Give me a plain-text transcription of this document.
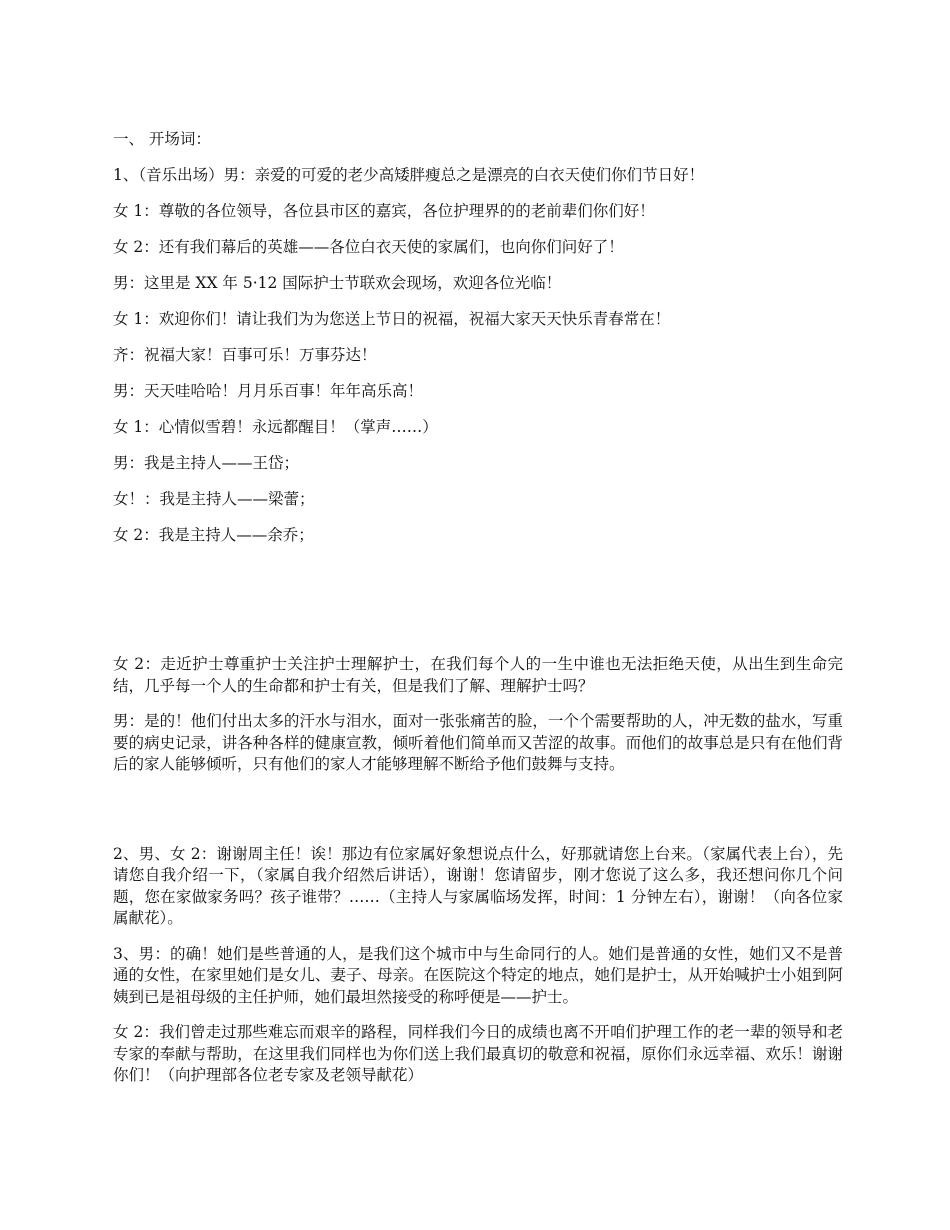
一、 开场词：

1、（音乐出场）男：亲爱的可爱的老少高矮胖瘦总之是漂亮的白衣天使们你们节日好！

女 1：尊敬的各位领导，各位县市区的嘉宾，各位护理界的的老前辈们你们好！

女 2：还有我们幕后的英雄——各位白衣天使的家属们，也向你们问好了！

男：这里是 XX 年 5·12 国际护士节联欢会现场，欢迎各位光临！

女 1：欢迎你们！请让我们为为您送上节日的祝福，祝福大家天天快乐青春常在！

齐：祝福大家！百事可乐！万事芬达！

男：天天哇哈哈！月月乐百事！年年高乐高！

女 1：心情似雪碧！永远都醒目！（掌声……）

男：我是主持人——王岱；

女！：我是主持人——梁蕾；

女 2：我是主持人——余乔；

女 2：走近护士尊重护士关注护士理解护士，在我们每个人的一生中谁也无法拒绝天使，从出生到生命完结，几乎每一个人的生命都和护士有关，但是我们了解、理解护士吗？

男：是的！他们付出太多的汗水与泪水，面对一张张痛苦的脸，一个个需要帮助的人，冲无数的盐水，写重要的病史记录，讲各种各样的健康宣教，倾听着他们简单而又苦涩的故事。而他们的故事总是只有在他们背后的家人能够倾听，只有他们的家人才能够理解不断给予他们鼓舞与支持。

2、男、女 2：谢谢周主任！诶！那边有位家属好象想说点什么，好那就请您上台来。（家属代表上台），先请您自我介绍一下，（家属自我介绍然后讲话），谢谢！您请留步，刚才您说了这么多，我还想问你几个问题，您在家做家务吗？孩子谁带？……（主持人与家属临场发挥，时间：1 分钟左右），谢谢！（向各位家属献花）。

3、男：的确！她们是些普通的人，是我们这个城市中与生命同行的人。她们是普通的女性，她们又不是普通的女性，在家里她们是女儿、妻子、母亲。在医院这个特定的地点，她们是护士，从开始喊护士小姐到阿姨到已是祖母级的主任护师，她们最坦然接受的称呼便是——护士。

女 2：我们曾走过那些难忘而艰辛的路程，同样我们今日的成绩也离不开咱们护理工作的老一辈的领导和老专家的奉献与帮助，在这里我们同样也为你们送上我们最真切的敬意和祝福，原你们永远幸福、欢乐！谢谢你们！（向护理部各位老专家及老领导献花）
